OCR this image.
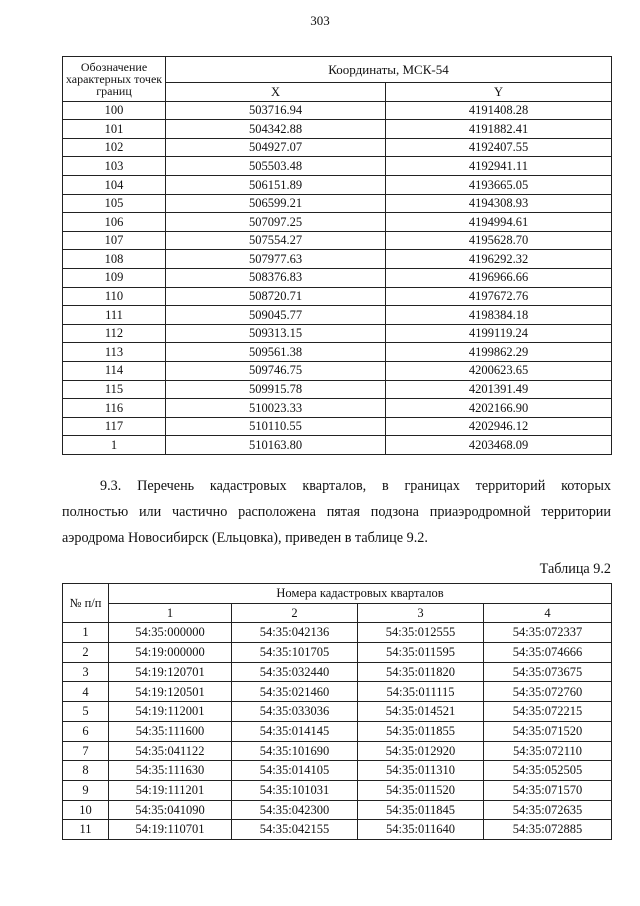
303
Обозначение характерных точек границ	Координаты, МСК-54	
	X	Y
100	503716.94	4191408.28
101	504342.88	4191882.41
102	504927.07	4192407.55
103	505503.48	4192941.11
104	506151.89	4193665.05
105	506599.21	4194308.93
106	507097.25	4194994.61
107	507554.27	4195628.70
108	507977.63	4196292.32
109	508376.83	4196966.66
110	508720.71	4197672.76
111	509045.77	4198384.18
112	509313.15	4199119.24
113	509561.38	4199862.29
114	509746.75	4200623.65
115	509915.78	4201391.49
116	510023.33	4202166.90
117	510110.55	4202946.12
1	510163.80	4203468.09
9.3. Перечень кадастровых кварталов, в границах территорий которых
полностью или частично расположена пятая подзона приаэродромной территории
аэродрома Новосибирск (Ельцовка), приведен в таблице 9.2.
Таблица 9.2
№ п/п	Номера кадастровых кварталов			
	1	2	3	4
1	54:35:000000	54:35:042136	54:35:012555	54:35:072337
2	54:19:000000	54:35:101705	54:35:011595	54:35:074666
3	54:19:120701	54:35:032440	54:35:011820	54:35:073675
4	54:19:120501	54:35:021460	54:35:011115	54:35:072760
5	54:19:112001	54:35:033036	54:35:014521	54:35:072215
6	54:35:111600	54:35:014145	54:35:011855	54:35:071520
7	54:35:041122	54:35:101690	54:35:012920	54:35:072110
8	54:35:111630	54:35:014105	54:35:011310	54:35:052505
9	54:19:111201	54:35:101031	54:35:011520	54:35:071570
10	54:35:041090	54:35:042300	54:35:011845	54:35:072635
11	54:19:110701	54:35:042155	54:35:011640	54:35:072885
